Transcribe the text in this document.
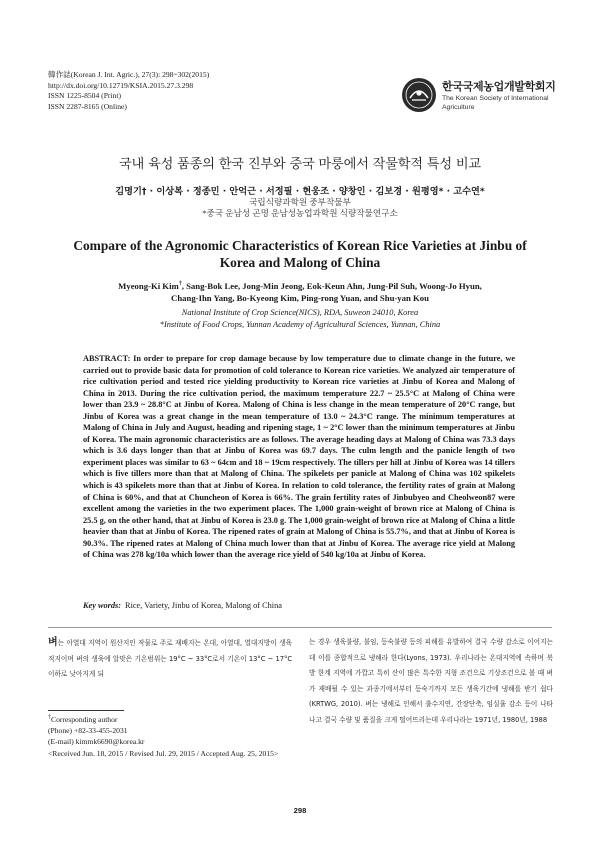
韓作誌(Korean J. Int. Agric.), 27(3): 298~302(2015)
http://dx.doi.org/10.12719/KSIA.2015.27.3.298
ISSN 1225-8504 (Print)
ISSN 2287-8165 (Online)
한국국제농업개발학회지
The Korean Society of International Agriculture
국내 육성 품종의 한국 진부와 중국 마룽에서 작물학적 특성 비교
김명기† · 이상복 · 정종민 · 안억근 · 서정필 · 현웅조 · 양창인 · 김보경 · 원평영* · 고수연*
국립식량과학원 중부작물부
*중국 운남성 곤명 운남성농업과학원 식량작물연구소
Compare of the Agronomic Characteristics of Korean Rice Varieties at Jinbu of Korea and Malong of China
Myeong-Ki Kim†, Sang-Bok Lee, Jong-Min Jeong, Eok-Keun Ahn, Jung-Pil Suh, Woong-Jo Hyun,
Chang-Ihn Yang, Bo-Kyeong Kim, Ping-rong Yuan, and Shu-yan Kou
National Institute of Crop Science(NICS), RDA, Suweon 24010, Korea
*Institute of Food Crops, Yunnan Academy of Agricultural Sciences, Yunnan, China
ABSTRACT: In order to prepare for crop damage because by low temperature due to climate change in the future, we carried out to provide basic data for promotion of cold tolerance to Korean rice varieties. We analyzed air temperature of rice cultivation period and tested rice yielding productivity to Korean rice varieties at Jinbu of Korea and Malong of China in 2013. During the rice cultivation period, the maximum temperature 22.7 ~ 25.5°C at Malong of China were lower than 23.9 ~ 28.8°C at Jinbu of Korea. Malong of China is less change in the mean temperature of 20°C range, but Jinbu of Korea was a great change in the mean temperature of 13.0 ~ 24.3°C range. The minimum temperatures at Malong of China in July and August, heading and ripening stage, 1 ~ 2°C lower than the minimum temperatures at Jinbu of Korea. The main agronomic characteristics are as follows. The average heading days at Malong of China was 73.3 days which is 3.6 days longer than that at Jinbu of Korea was 69.7 days. The culm length and the panicle length of two experiment places was similar to 63 ~ 64cm and 18 ~ 19cm respectively. The tillers per hill at Jinbu of Korea was 14 tillers which is five tillers more than that at Malong of China. The spikelets per panicle at Malong of China was 102 spikelets which is 43 spikelets more than that at Jinbu of Korea. In relation to cold tolerance, the fertility rates of grain at Malong of China is 60%, and that at Chuncheon of Korea is 66%. The grain fertility rates of Jinbubyeo and Cheolweon87 were excellent among the varieties in the two experiment places. The 1,000 grain-weight of brown rice at Malong of China is 25.5 g, on the other hand, that at Jinbu of Korea is 23.0 g. The 1,000 grain-weight of brown rice at Malong of China a little heavier than that at Jinbu of Korea. The ripened rates of grain at Malong of China is 55.7%, and that at Jinbu of Korea is 90.3%. The ripened rates at Malong of China much lower than that at Jinbu of Korea. The average rice yield at Malong of China was 278 kg/10a which lower than the average rice yield of 540 kg/10a at Jinbu of Korea.
Key words: Rice, Variety, Jinbu of Korea, Malong of China
벼는 아열대 지역이 원산지인 작물로 주로 재배지는 온대, 아열대, 열대지방이 생육적지이며 벼의 생육에 알맞은 기온범위는 19°C ~ 33°C로서 기온이 13°C ~ 17°C이하로 낮아지게 되
는 경우 생육불량, 불임, 등숙불량 등의 피해를 유발하여 결국 수량 감소로 이어지는데 이를 종합적으로 냉해라 한다(Lyons, 1973). 우리나라는 온대지역에 속하며 북방 한계 지역에 가깝고 특히 산이 많은 특수한 지형 조건으로 기상조건으로 볼 때 벼가 재배될 수 있는 과종기에서부터 등숙기까지 모든 생육기간에 냉해를 받기 쉽다(KRTWG, 2010). 벼는 냉해로 인해서 출수지연, 간장단축, 임실율 감소 등이 나타나고 결국 수량 및 품질을 크게 떨어뜨리는데 우리나라는 1971년, 1980년, 1988
†Corresponding author
(Phone) +82-33-455-2031
(E-mail) kimmk6690@korea.kr
<Received Jun. 18, 2015 / Revised Jul. 29, 2015 / Accepted Aug. 25, 2015>
298
